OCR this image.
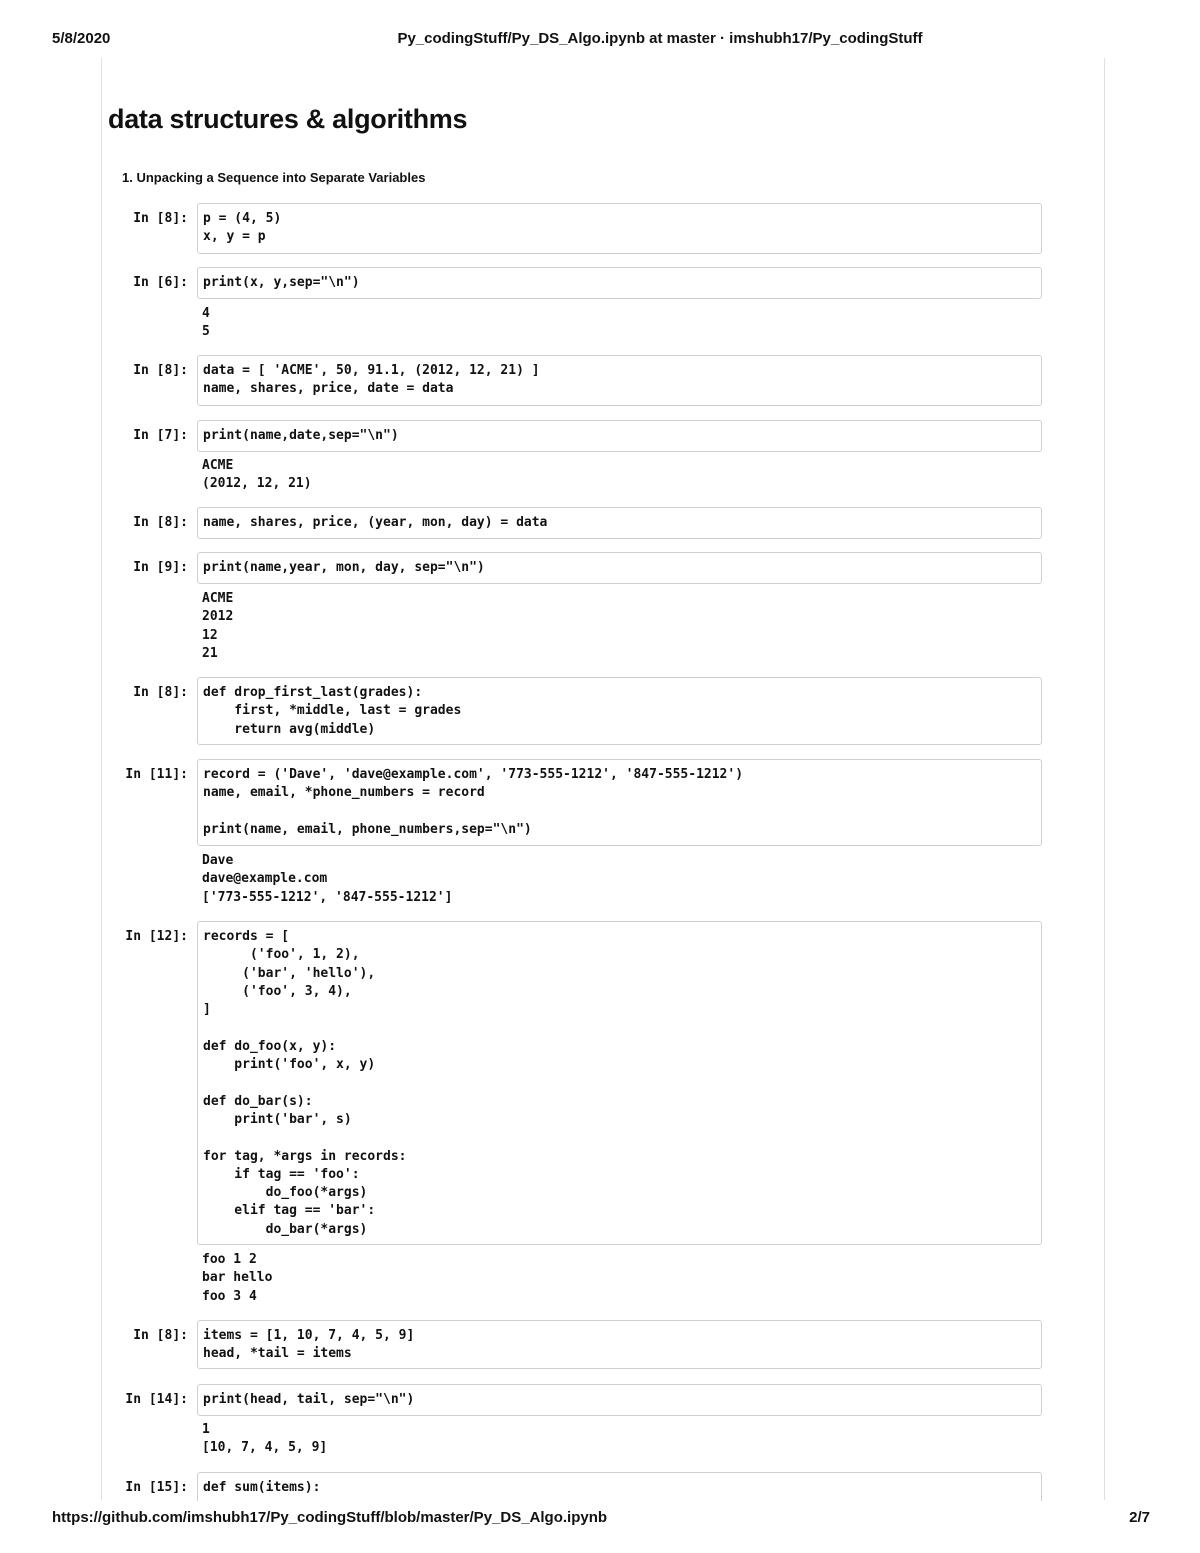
5/8/2020	Py_codingStuff/Py_DS_Algo.ipynb at master · imshubh17/Py_codingStuff
data structures & algorithms
1. Unpacking a Sequence into Separate Variables
In [8]: p = (4, 5)
x, y = p
In [6]: print(x, y,sep="\n")
4
5
In [8]: data = [ 'ACME', 50, 91.1, (2012, 12, 21) ]
name, shares, price, date = data
In [7]: print(name,date,sep="\n")
ACME
(2012, 12, 21)
In [8]: name, shares, price, (year, mon, day) = data
In [9]: print(name,year, mon, day, sep="\n")
ACME
2012
12
21
In [8]: def drop_first_last(grades):
first, *middle, last = grades
return avg(middle)
In [11]: record = ('Dave', 'dave@example.com', '773-555-1212', '847-555-1212')
name, email, *phone_numbers = record

print(name, email, phone_numbers,sep="\n")
Dave
dave@example.com
['773-555-1212', '847-555-1212']
In [12]: records = [
('foo', 1, 2),
('bar', 'hello'),
('foo', 3, 4),
]

def do_foo(x, y):
print('foo', x, y)

def do_bar(s):
print('bar', s)

for tag, *args in records:
if tag == 'foo':
do_foo(*args)
elif tag == 'bar':
do_bar(*args)
foo 1 2
bar hello
foo 3 4
In [8]: items = [1, 10, 7, 4, 5, 9]
head, *tail = items
In [14]: print(head, tail, sep="\n")
1
[10, 7, 4, 5, 9]
In [15]: def sum(items):
https://github.com/imshubh17/Py_codingStuff/blob/master/Py_DS_Algo.ipynb	2/7
